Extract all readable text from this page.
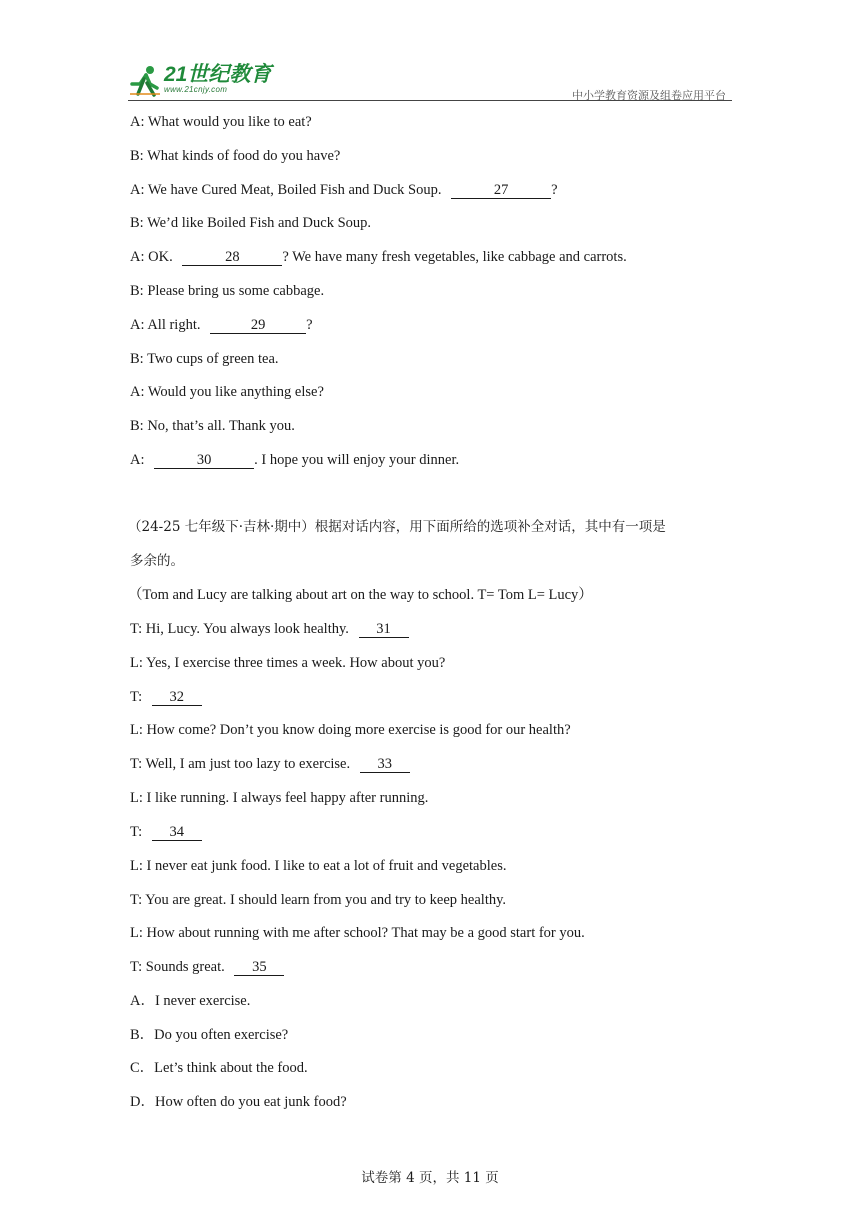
21世纪教育
www.21cnjy.com	中小学教育资源及组卷应用平台
A: What would you like to eat?
B: What kinds of food do you have?
A: We have Cured Meat, Boiled Fish and Duck Soup.	27	?
B: We’d like Boiled Fish and Duck Soup.
A: OK.	28	? We have many fresh vegetables, like cabbage and carrots.
B: Please bring us some cabbage.
A: All right.	29	?
B: Two cups of green tea.
A: Would you like anything else?
B: No, that’s all. Thank you.
A:	30	. I hope you will enjoy your dinner.
（24-25 七年级下·吉林·期中）根据对话内容，用下面所给的选项补全对话，其中有一项是
多余的。
（Tom and Lucy are talking about art on the way to school. T= Tom L= Lucy）
T: Hi, Lucy. You always look healthy. 31
L: Yes, I exercise three times a week. How about you?
T: 32
L: How come? Don’t you know doing more exercise is good for our health?
T: Well, I am just too lazy to exercise. 33
L: I like running. I always feel happy after running.
T: 34
L: I never eat junk food. I like to eat a lot of fruit and vegetables.
T: You are great. I should learn from you and try to keep healthy.
L: How about running with me after school? That may be a good start for you.
T: Sounds great. 35
A．I never exercise.
B．Do you often exercise?
C．Let’s think about the food.
D．How often do you eat junk food?
试卷第 4 页，共 11 页
